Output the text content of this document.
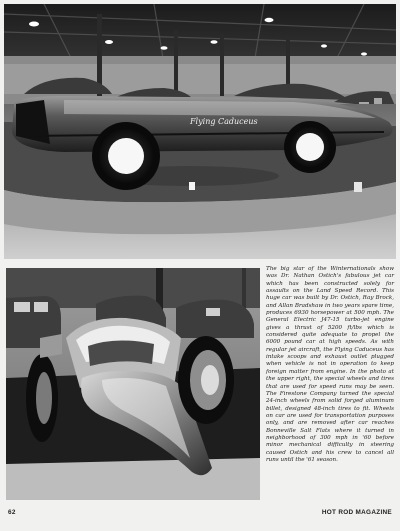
Flying Caduceus

The big star of the Winternationals show was Dr. Nathan Ostich's fabulous jet car which has been constructed solely for assaults on the Land Speed Record. This huge car was built by Dr. Ostich, Ray Brock, and Allan Bradshaw in two years spare time, produces 6930 horsepower at 500 mph. The General Electric J47-15 turbo-jet engine gives a thrust of 5200 ft/lbs which is considered quite adequate to propel the 6000 pound car at high speeds. As with regular jet aircraft, the Flying Caduceus has intake scoops and exhaust outlet plugged when vehicle is not in operation to keep foreign matter from engine. In the photo at the upper right, the special wheels and tires that are used for speed runs may be seen. The Firestone Company turned the special 24-inch wheels from solid forged aluminum billet, designed 48-inch tires to fit. Wheels on car are used for transportation purposes only, and are removed after car reaches Bonneville Salt Flats where it turned in neighborhood of 300 mph in '60 before minor mechanical difficulty in steering caused Ostich and his crew to cancel all runs until the '61 season.

62	HOT ROD MAGAZINE
